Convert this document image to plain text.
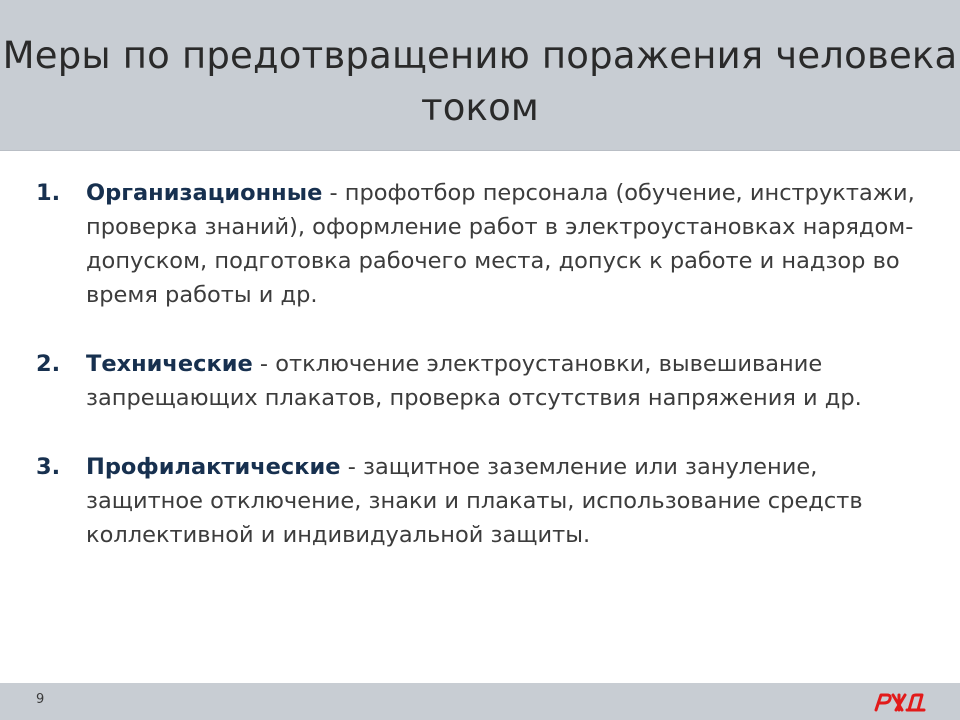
Меры по предотвращению поражения человека током
1.	Организационные - профотбор персонала (обучение, инструктажи, проверка знаний), оформление работ в электроустановках нарядом-допуском, подготовка рабочего места, допуск к работе и надзор во время работы и др.
2.	Технические - отключение электроустановки, вывешивание запрещающих плакатов, проверка отсутствия напряжения и др.
3.	Профилактические - защитное заземление или зануление, защитное отключение, знаки и плакаты, использование средств коллективной и индивидуальной защиты.
9
